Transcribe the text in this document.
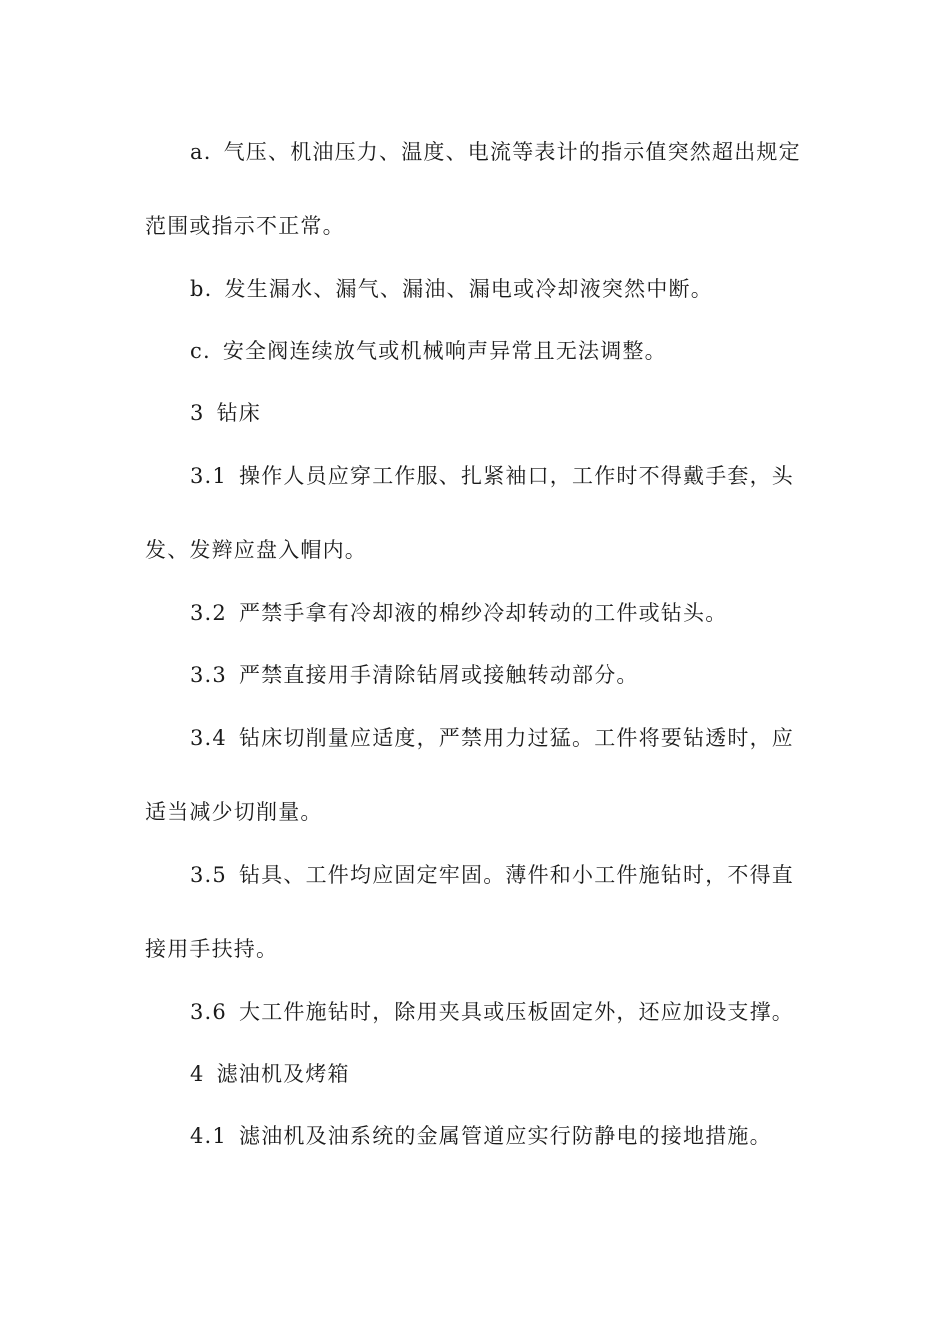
a. 气压、机油压力、温度、电流等表计的指示值突然超出规定
范围或指示不正常。
b. 发生漏水、漏气、漏油、漏电或冷却液突然中断。
c. 安全阀连续放气或机械响声异常且无法调整。
3 钻床
3.1 操作人员应穿工作服、扎紧袖口，工作时不得戴手套，头
发、发辫应盘入帽内。
3.2 严禁手拿有冷却液的棉纱冷却转动的工件或钻头。
3.3 严禁直接用手清除钻屑或接触转动部分。
3.4 钻床切削量应适度，严禁用力过猛。工件将要钻透时，应
适当减少切削量。
3.5 钻具、工件均应固定牢固。薄件和小工件施钻时，不得直
接用手扶持。
3.6 大工件施钻时，除用夹具或压板固定外，还应加设支撑。
4 滤油机及烤箱
4.1 滤油机及油系统的金属管道应实行防静电的接地措施。
